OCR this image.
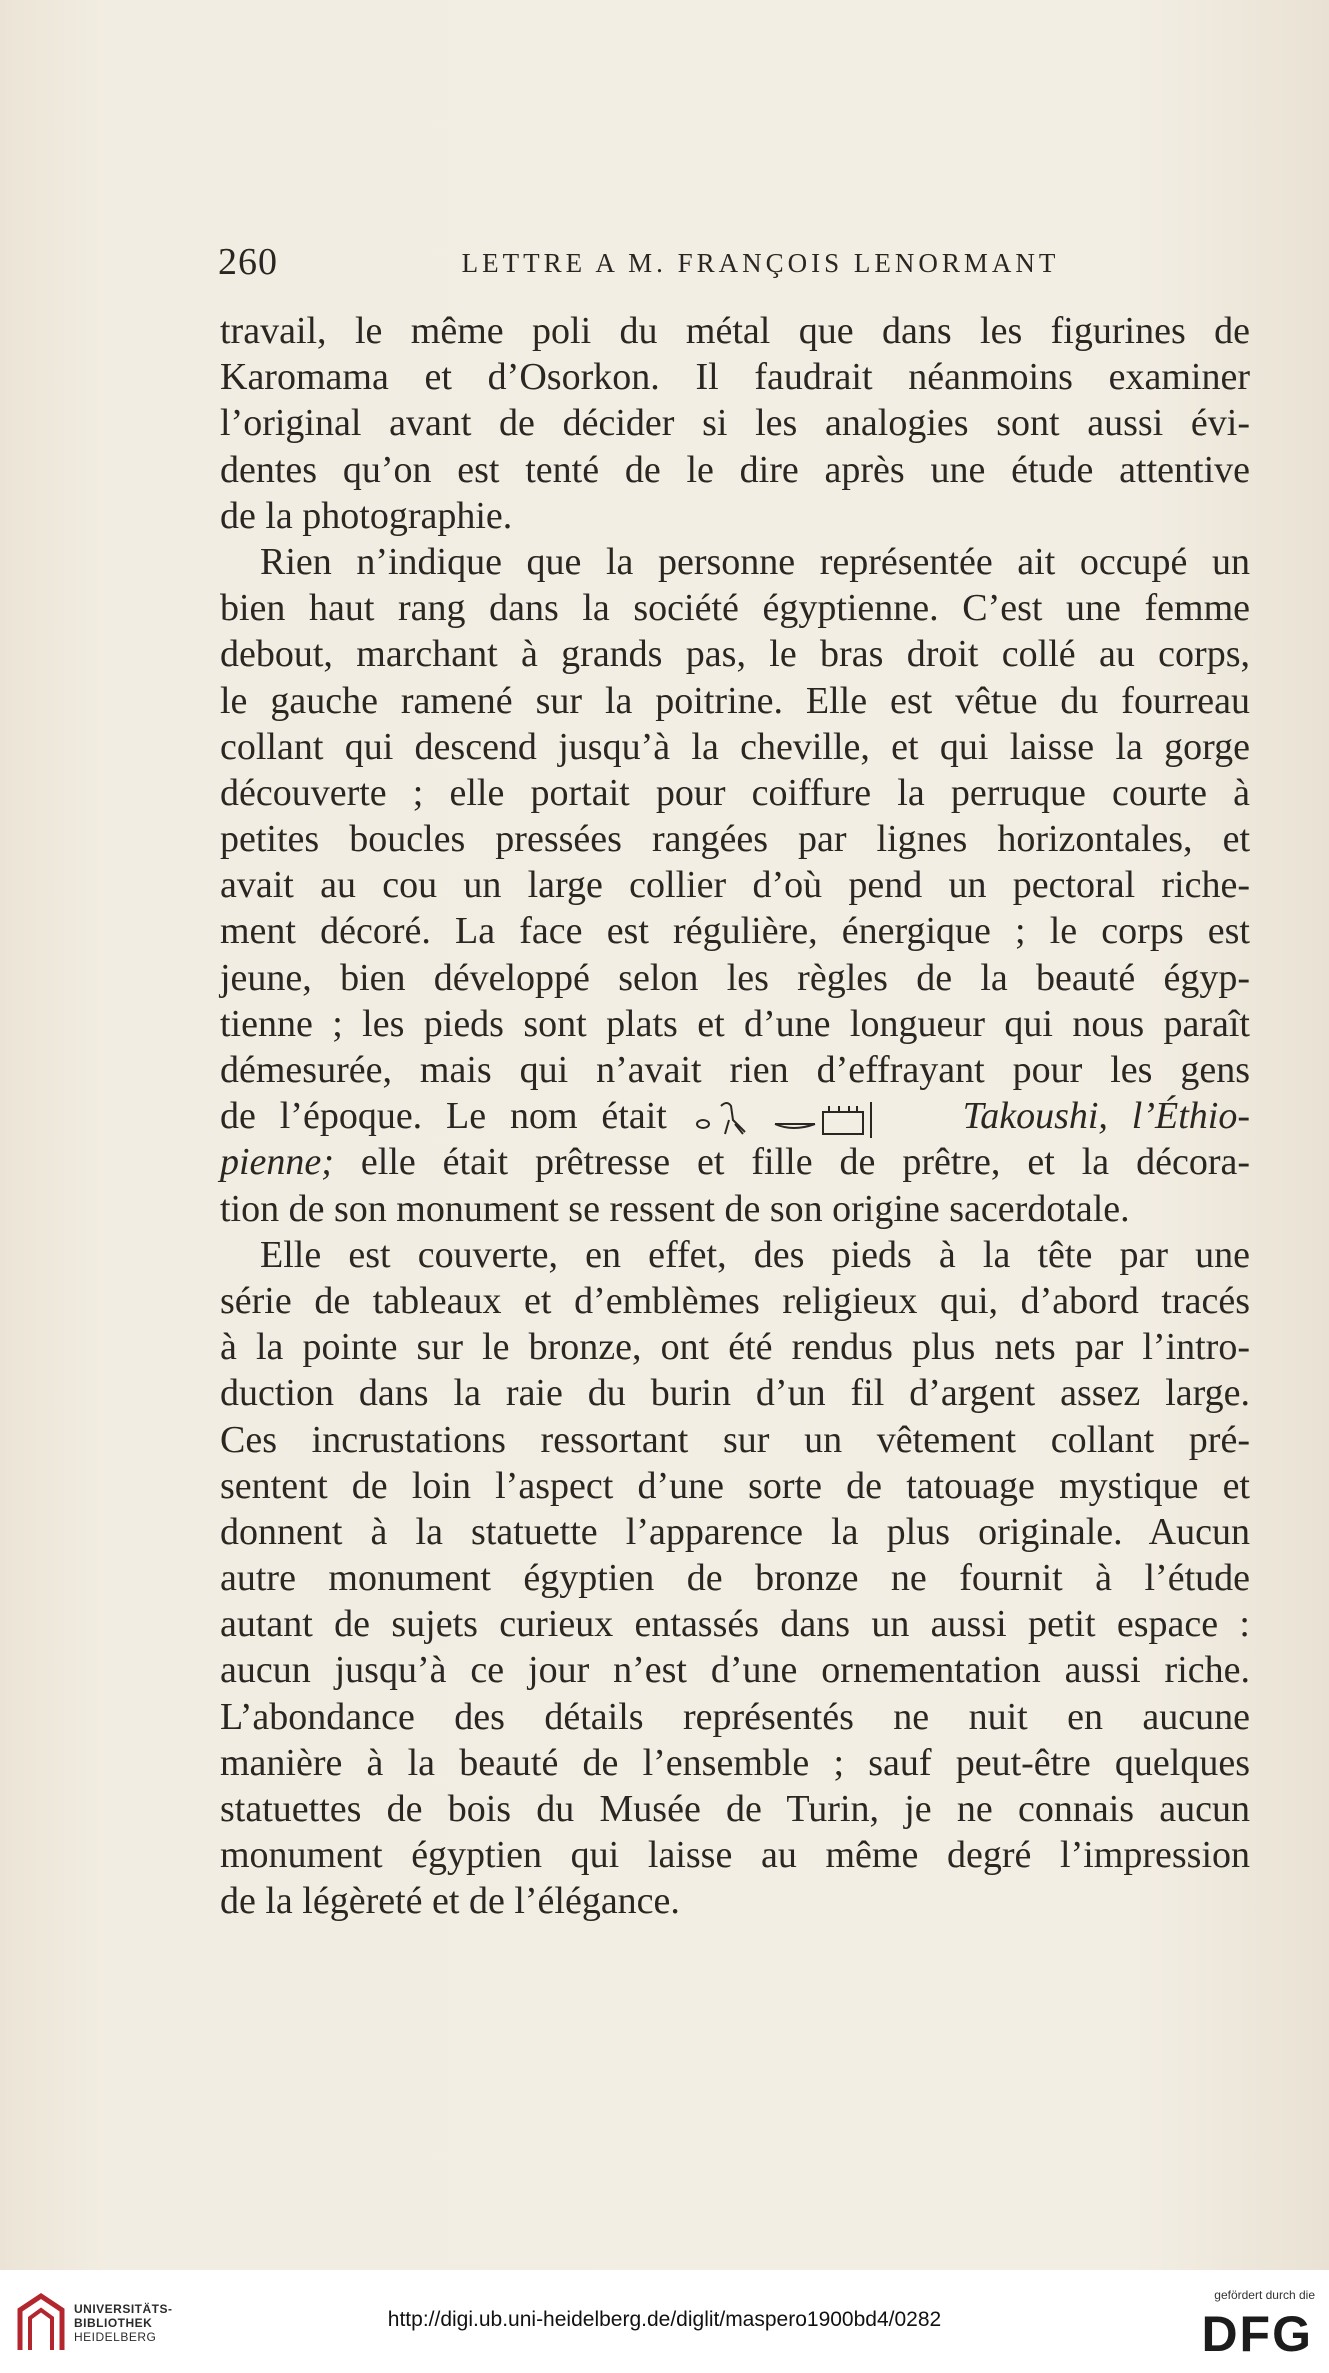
260	LETTRE A M. FRANÇOIS LENORMANT
travail, le même poli du métal que dans les figurines de
Karomama et d’Osorkon. Il faudrait néanmoins examiner
l’original avant de décider si les analogies sont aussi évi-
dentes qu’on est tenté de le dire après une étude attentive
de la photographie.
Rien n’indique que la personne représentée ait occupé un
bien haut rang dans la société égyptienne. C’est une femme
debout, marchant à grands pas, le bras droit collé au corps,
le gauche ramené sur la poitrine. Elle est vêtue du fourreau
collant qui descend jusqu’à la cheville, et qui laisse la gorge
découverte ; elle portait pour coiffure la perruque courte à
petites boucles pressées rangées par lignes horizontales, et
avait au cou un large collier d’où pend un pectoral riche-
ment décoré. La face est régulière, énergique ; le corps est
jeune, bien développé selon les règles de la beauté égyp-
tienne ; les pieds sont plats et d’une longueur qui nous paraît
démesurée, mais qui n’avait rien d’effrayant pour les gens
de l’époque. Le nom était	Takoushi, l’Éthio-
pienne; elle était prêtresse et fille de prêtre, et la décora-
tion de son monument se ressent de son origine sacerdotale.
Elle est couverte, en effet, des pieds à la tête par une
série de tableaux et d’emblèmes religieux qui, d’abord tracés
à la pointe sur le bronze, ont été rendus plus nets par l’intro-
duction dans la raie du burin d’un fil d’argent assez large.
Ces incrustations ressortant sur un vêtement collant pré-
sentent de loin l’aspect d’une sorte de tatouage mystique et
donnent à la statuette l’apparence la plus originale. Aucun
autre monument égyptien de bronze ne fournit à l’étude
autant de sujets curieux entassés dans un aussi petit espace :
aucun jusqu’à ce jour n’est d’une ornementation aussi riche.
L’abondance des détails représentés ne nuit en aucune
manière à la beauté de l’ensemble ; sauf peut-être quelques
statuettes de bois du Musée de Turin, je ne connais aucun
monument égyptien qui laisse au même degré l’impression
de la légèreté et de l’élégance.
UNIVERSITÄTS-
BIBLIOTHEK
HEIDELBERG
http://digi.ub.uni-heidelberg.de/diglit/maspero1900bd4/0282
gefördert durch die
DFG
